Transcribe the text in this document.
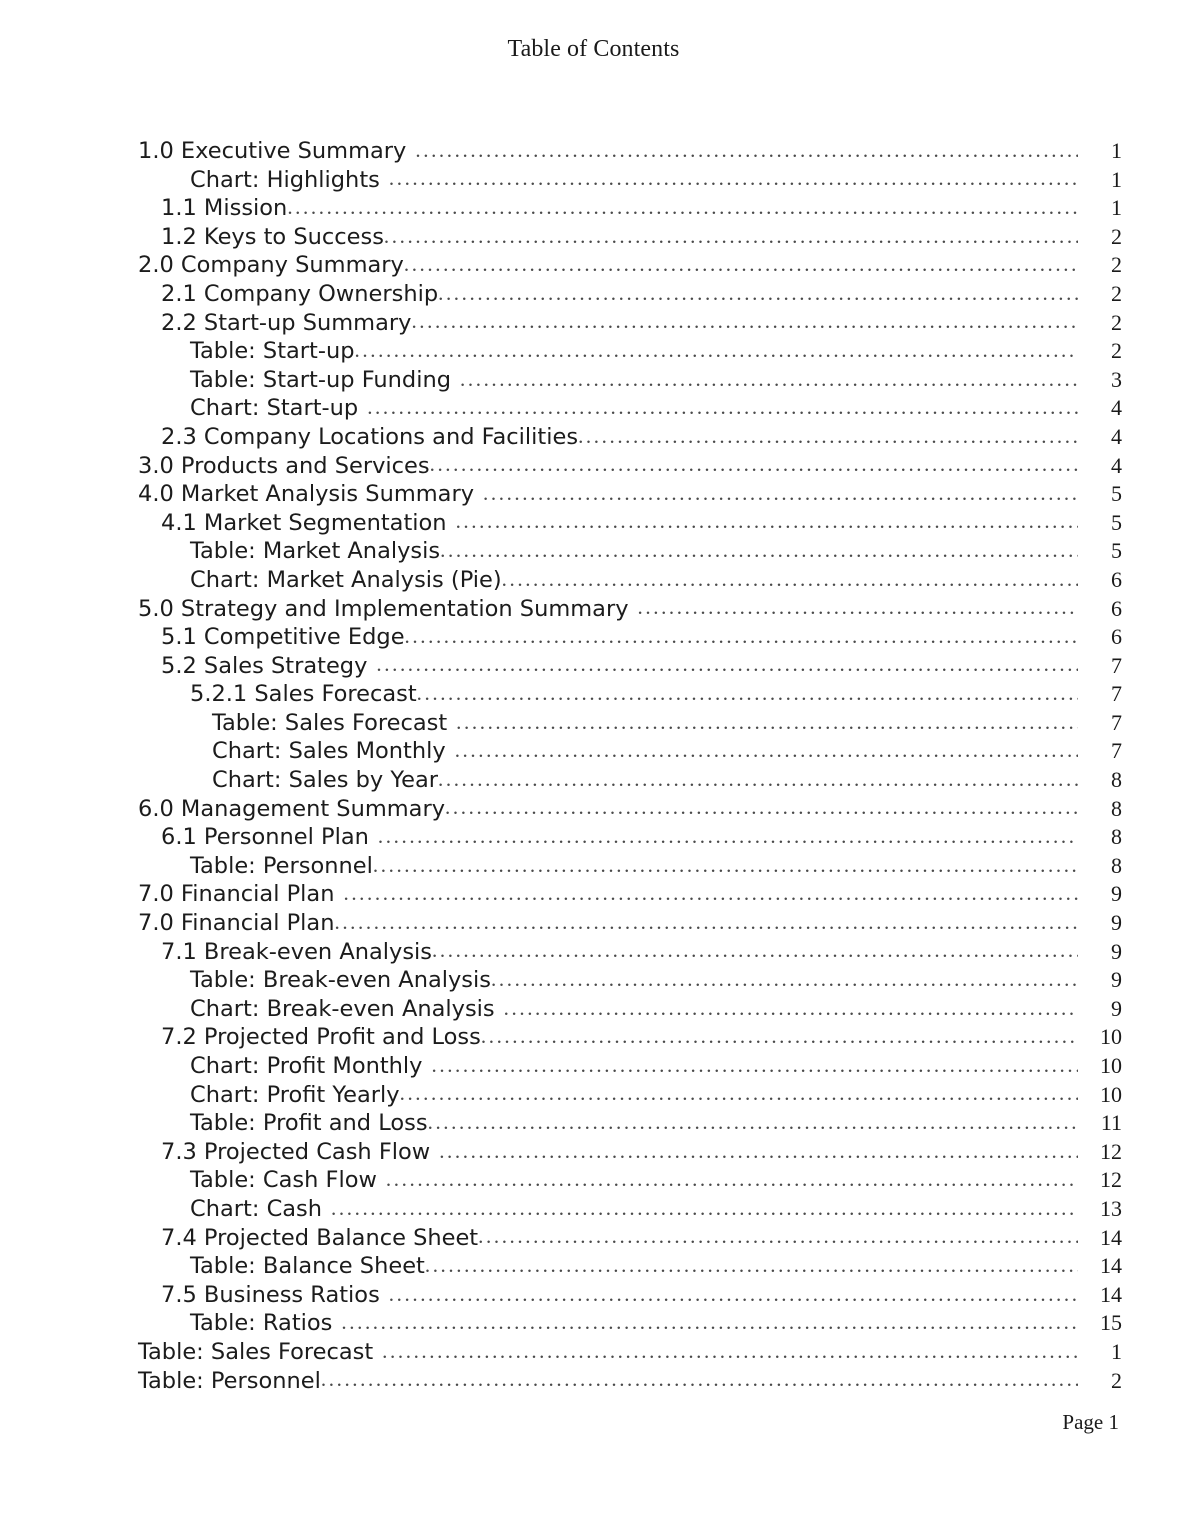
Table of Contents
1.0 Executive Summary .....	1
Chart: Highlights .....	1
1.1 Mission .....	1
1.2 Keys to Success .....	2
2.0 Company Summary .....	2
2.1 Company Ownership .....	2
2.2 Start-up Summary .....	2
Table: Start-up .....	2
Table: Start-up Funding .....	3
Chart: Start-up .....	4
2.3 Company Locations and Facilities .....	4
3.0 Products and Services .....	4
4.0 Market Analysis Summary .....	5
4.1 Market Segmentation .....	5
Table: Market Analysis .....	5
Chart: Market Analysis (Pie) .....	6
5.0 Strategy and Implementation Summary .....	6
5.1 Competitive Edge .....	6
5.2 Sales Strategy .....	7
5.2.1 Sales Forecast .....	7
Table: Sales Forecast .....	7
Chart: Sales Monthly .....	7
Chart: Sales by Year .....	8
6.0 Management Summary .....	8
6.1 Personnel Plan .....	8
Table: Personnel .....	8
7.0 Financial Plan .....	9
7.0 Financial Plan .....	9
7.1 Break-even Analysis .....	9
Table: Break-even Analysis .....	9
Chart: Break-even Analysis .....	9
7.2 Projected Profit and Loss .....	10
Chart: Profit Monthly .....	10
Chart: Profit Yearly .....	10
Table: Profit and Loss .....	11
7.3 Projected Cash Flow .....	12
Table: Cash Flow .....	12
Chart: Cash .....	13
7.4 Projected Balance Sheet .....	14
Table: Balance Sheet .....	14
7.5 Business Ratios .....	14
Table: Ratios .....	15
Table: Sales Forecast .....	1
Table: Personnel .....	2
Page 1
